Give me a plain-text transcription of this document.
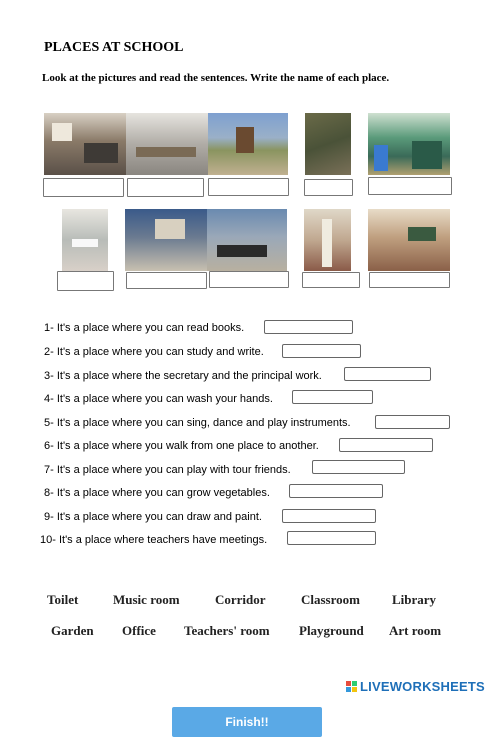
PLACES AT SCHOOL
Look at the pictures and read the sentences. Write the name of each place.
1- It's a place where you can read books.
2- It's a place where you can study and write.
3- It's a place where the secretary and the principal work.
4- It's a place where you can wash your hands.
5- It's a place where you can sing, dance and play instruments.
6- It's a place where you walk from one place to another.
7- It's a place where you can play with tour friends.
8- It's a place where you can grow vegetables.
9- It's a place where you can draw and paint.
10- It's a place where teachers have meetings.
Toilet	Music room	Corridor	Classroom Library
Garden Office Teachers' room Playground Art room
LIVEWORKSHEETS
Finish!!
